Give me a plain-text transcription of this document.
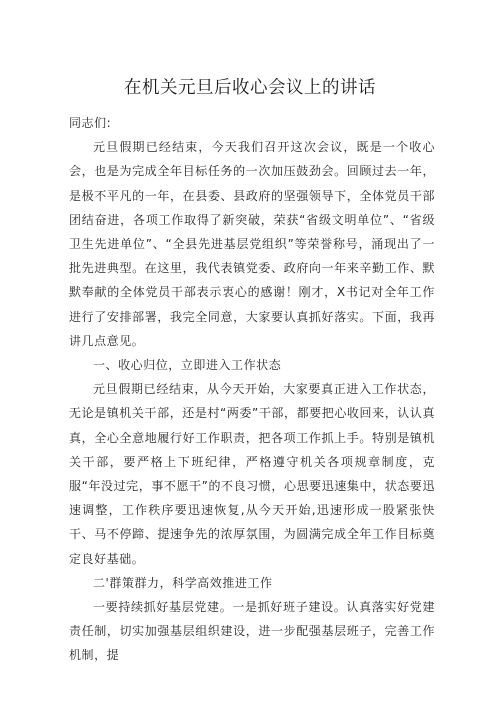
在机关元旦后收心会议上的讲话

同志们:

元旦假期已经结束，今天我们召开这次会议，既是一个收心会，也是为完成全年目标任务的一次加压鼓劲会。回顾过去一年，是极不平凡的一年，在县委、县政府的坚强领导下，全体党员干部团结奋进，各项工作取得了新突破，荣获“省级文明单位”、“省级卫生先进单位”、“全县先进基层党组织”等荣誉称号，涌现出了一批先进典型。在这里，我代表镇党委、政府向一年来辛勤工作、默默奉献的全体党员干部表示衷心的感谢！刚才，X书记对全年工作进行了安排部署，我完全同意，大家要认真抓好落实。下面，我再讲几点意见。

一、收心归位，立即进入工作状态

元旦假期已经结束，从今天开始，大家要真正进入工作状态，无论是镇机关干部，还是村“两委”干部，都要把心收回来，认认真真，全心全意地履行好工作职责，把各项工作抓上手。特别是镇机关干部，要严格上下班纪律，严格遵守机关各项规章制度，克服“年没过完，事不愿干”的不良习惯，心思要迅速集中，状态要迅速调整，工作秩序要迅速恢复,从今天开始,迅速形成一股紧张快干、马不停蹄、提速争先的浓厚氛围，为圆满完成全年工作目标奠定良好基础。

二'群策群力，科学高效推进工作

一要持续抓好基层党建。一是抓好班子建设。认真落实好党建责任制，切实加强基层组织建设，进一步配强基层班子，完善工作机制，提
